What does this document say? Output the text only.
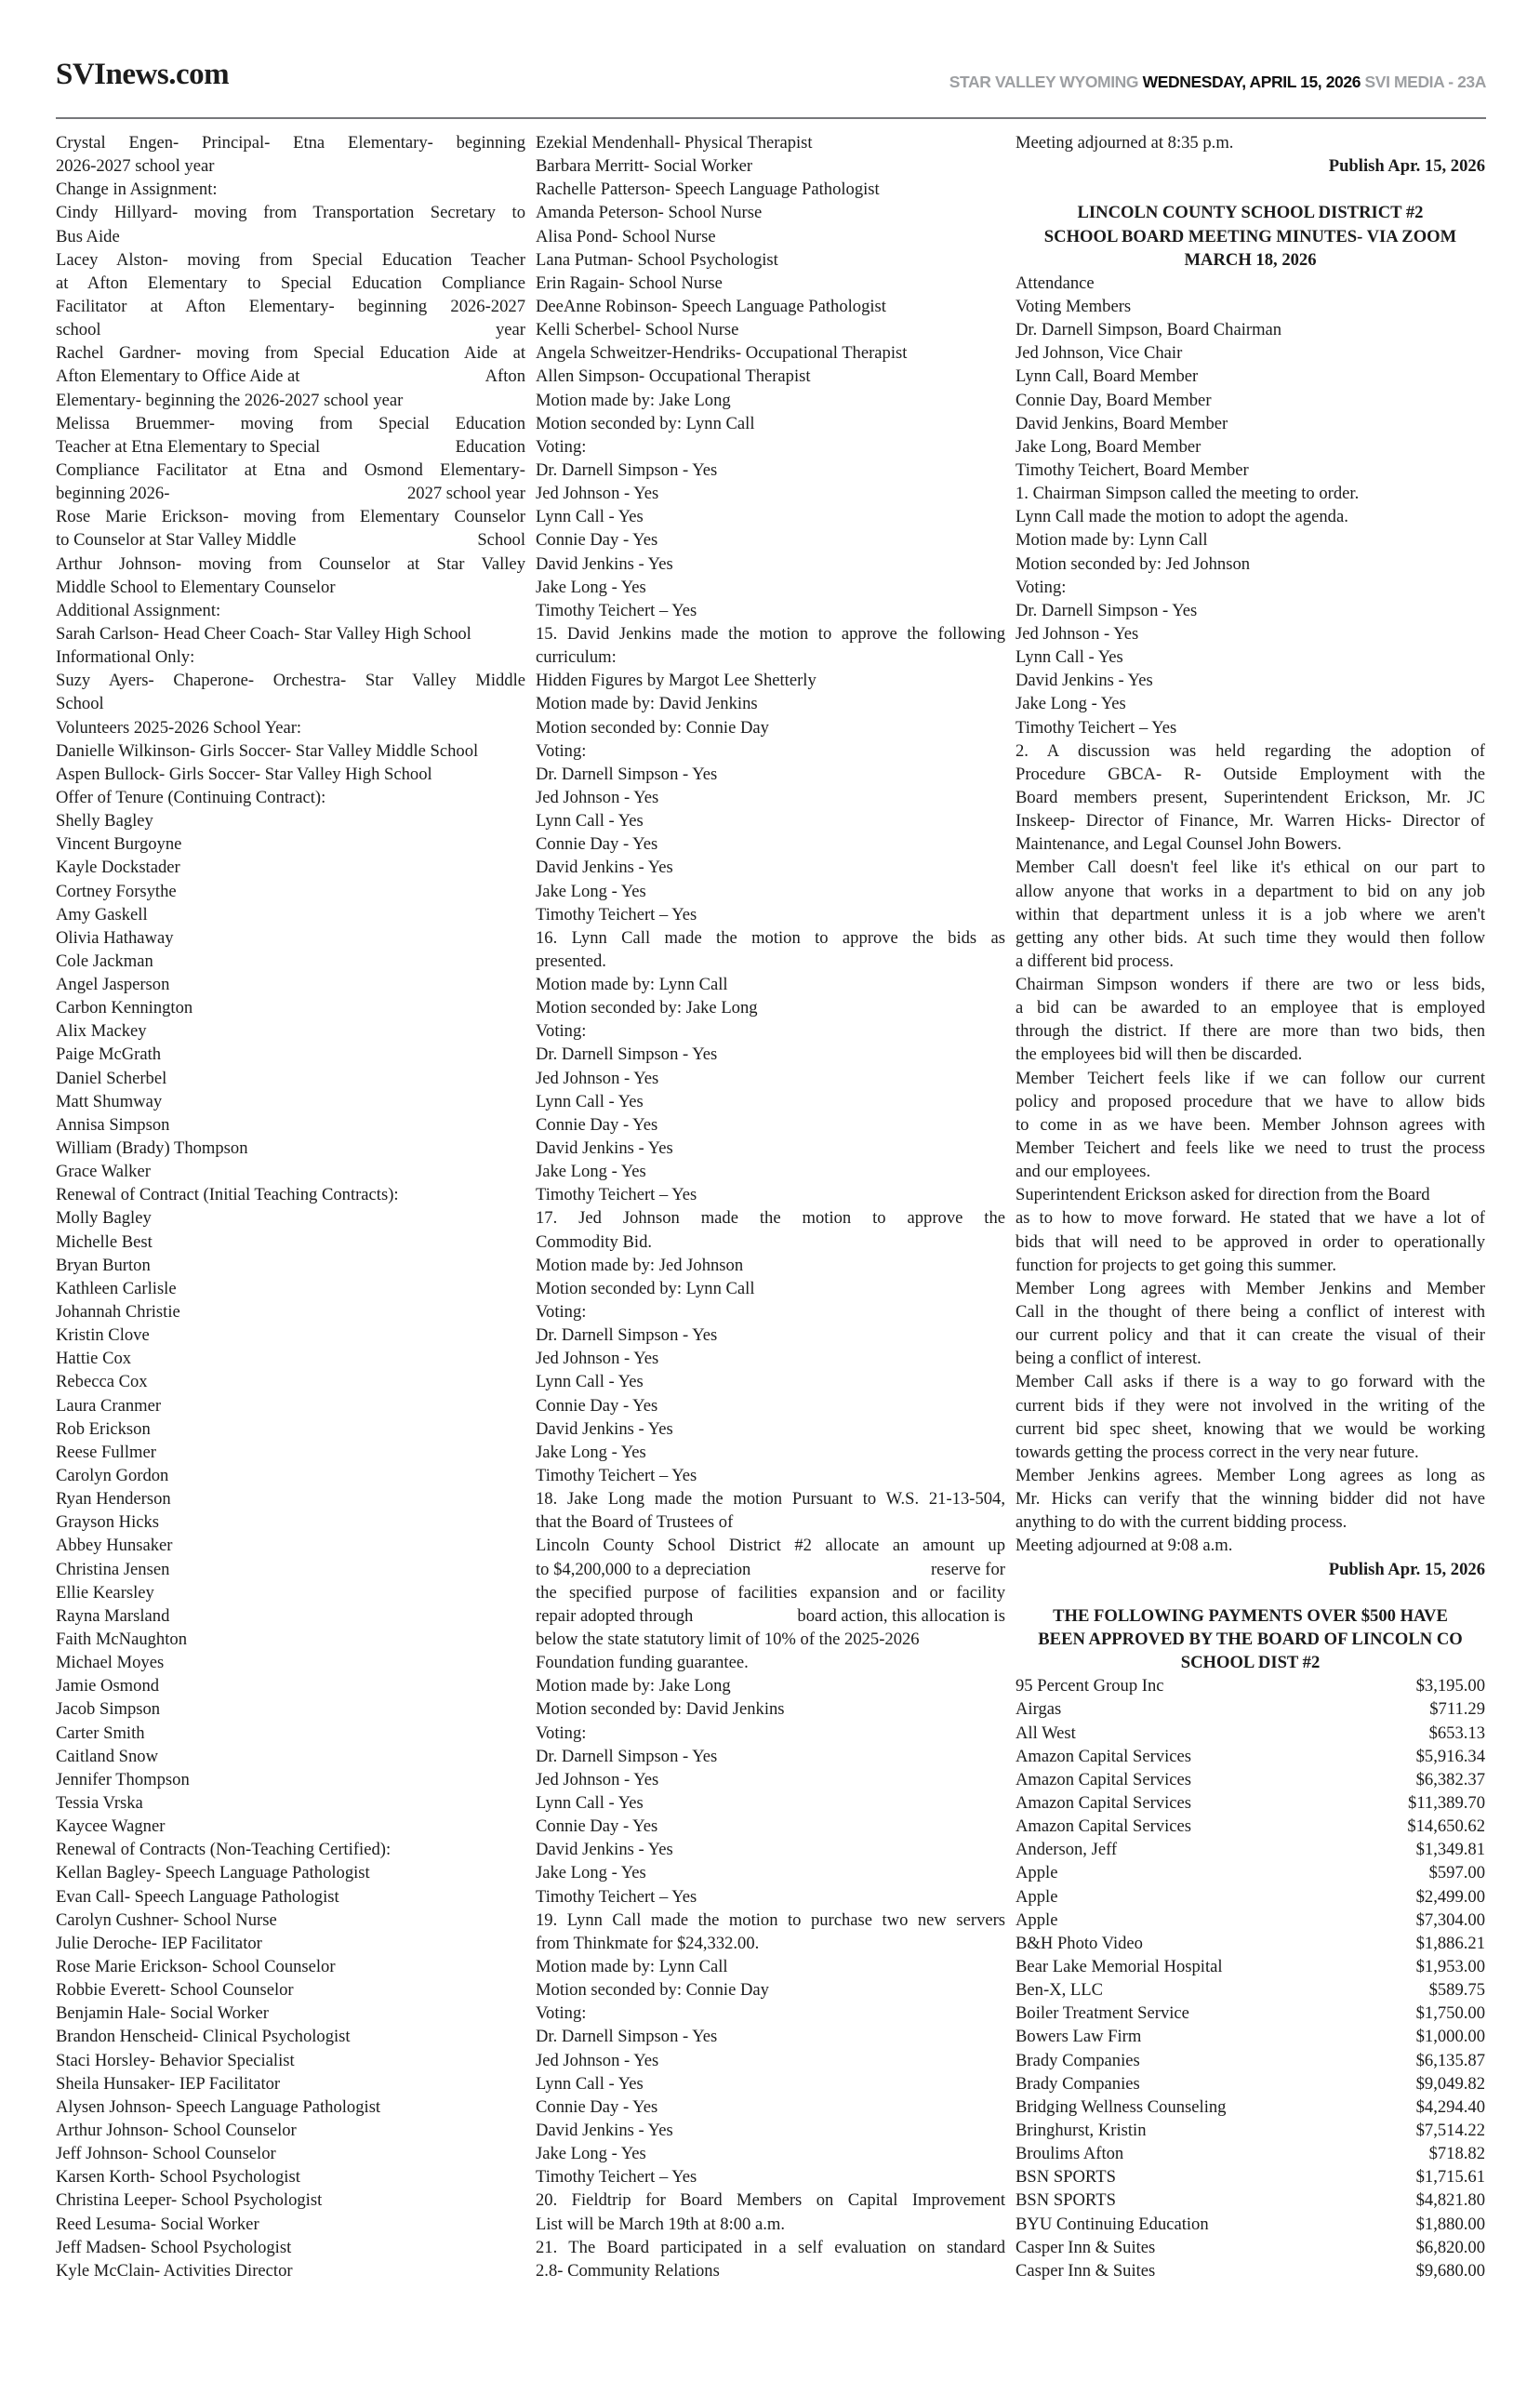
SVInews.com	STAR VALLEY WYOMING WEDNESDAY, APRIL 15, 2026 SVI MEDIA - 23A
Crystal Engen- Principal- Etna Elementary- beginning
2026-2027 school year
Change in Assignment:
Cindy Hillyard- moving from Transportation Secretary to
Bus Aide
Lacey Alston- moving from Special Education Teacher
at Afton Elementary to Special Education Compliance
Facilitator at Afton Elementary- beginning 2026-2027
school	year
Rachel Gardner- moving from Special Education Aide at
Afton Elementary to Office Aide at	Afton
Elementary- beginning the 2026-2027 school year
Melissa Bruemmer- moving from Special Education
Teacher at Etna Elementary to Special	Education
Compliance Facilitator at Etna and Osmond Elementary-
beginning 2026-	2027 school year
Rose Marie Erickson- moving from Elementary Counselor
to Counselor at Star Valley Middle	School
Arthur Johnson- moving from Counselor at Star Valley
Middle School to Elementary Counselor
Additional Assignment:
Sarah Carlson- Head Cheer Coach- Star Valley High School
Informational Only:
Suzy Ayers- Chaperone- Orchestra- Star Valley Middle
School
Volunteers 2025-2026 School Year:
Danielle Wilkinson- Girls Soccer- Star Valley Middle School
Aspen Bullock- Girls Soccer- Star Valley High School
Offer of Tenure (Continuing Contract):
Shelly Bagley
Vincent Burgoyne
Kayle Dockstader
Cortney Forsythe
Amy Gaskell
Olivia Hathaway
Cole Jackman
Angel Jasperson
Carbon Kennington
Alix Mackey
Paige McGrath
Daniel Scherbel
Matt Shumway
Annisa Simpson
William (Brady) Thompson
Grace Walker
Renewal of Contract (Initial Teaching Contracts):
Molly Bagley
Michelle Best
Bryan Burton
Kathleen Carlisle
Johannah Christie
Kristin Clove
Hattie Cox
Rebecca Cox
Laura Cranmer
Rob Erickson
Reese Fullmer
Carolyn Gordon
Ryan Henderson
Grayson Hicks
Abbey Hunsaker
Christina Jensen
Ellie Kearsley
Rayna Marsland
Faith McNaughton
Michael Moyes
Jamie Osmond
Jacob Simpson
Carter Smith
Caitland Snow
Jennifer Thompson
Tessia Vrska
Kaycee Wagner
Renewal of Contracts (Non-Teaching Certified):
Kellan Bagley- Speech Language Pathologist
Evan Call- Speech Language Pathologist
Carolyn Cushner- School Nurse
Julie Deroche- IEP Facilitator
Rose Marie Erickson- School Counselor
Robbie Everett- School Counselor
Benjamin Hale- Social Worker
Brandon Henscheid- Clinical Psychologist
Staci Horsley- Behavior Specialist
Sheila Hunsaker- IEP Facilitator
Alysen Johnson- Speech Language Pathologist
Arthur Johnson- School Counselor
Jeff Johnson- School Counselor
Karsen Korth- School Psychologist
Christina Leeper- School Psychologist
Reed Lesuma- Social Worker
Jeff Madsen- School Psychologist
Kyle McClain- Activities Director
Ezekial Mendenhall- Physical Therapist
Barbara Merritt- Social Worker
Rachelle Patterson- Speech Language Pathologist
Amanda Peterson- School Nurse
Alisa Pond- School Nurse
Lana Putman- School Psychologist
Erin Ragain- School Nurse
DeeAnne Robinson- Speech Language Pathologist
Kelli Scherbel- School Nurse
Angela Schweitzer-Hendriks- Occupational Therapist
Allen Simpson- Occupational Therapist
Motion made by: Jake Long
Motion seconded by: Lynn Call
Voting:
Dr. Darnell Simpson - Yes
Jed Johnson - Yes
Lynn Call - Yes
Connie Day - Yes
David Jenkins - Yes
Jake Long - Yes
Timothy Teichert – Yes
15. David Jenkins made the motion to approve the following
curriculum:
Hidden Figures by Margot Lee Shetterly
Motion made by: David Jenkins
Motion seconded by: Connie Day
Voting:
Dr. Darnell Simpson - Yes
Jed Johnson - Yes
Lynn Call - Yes
Connie Day - Yes
David Jenkins - Yes
Jake Long - Yes
Timothy Teichert – Yes
16. Lynn Call made the motion to approve the bids as
presented.
Motion made by: Lynn Call
Motion seconded by: Jake Long
Voting:
Dr. Darnell Simpson - Yes
Jed Johnson - Yes
Lynn Call - Yes
Connie Day - Yes
David Jenkins - Yes
Jake Long - Yes
Timothy Teichert – Yes
17. Jed Johnson made the motion to approve the
Commodity Bid.
Motion made by: Jed Johnson
Motion seconded by: Lynn Call
Voting:
Dr. Darnell Simpson - Yes
Jed Johnson - Yes
Lynn Call - Yes
Connie Day - Yes
David Jenkins - Yes
Jake Long - Yes
Timothy Teichert – Yes
18. Jake Long made the motion Pursuant to W.S. 21-13-504,
that the Board of Trustees of
Lincoln County School District #2 allocate an amount up
to $4,200,000 to a depreciation	reserve for
the specified purpose of facilities expansion and or facility
repair adopted through	board action, this allocation is
below the state statutory limit of 10% of the 2025-2026
Foundation funding guarantee.
Motion made by: Jake Long
Motion seconded by: David Jenkins
Voting:
Dr. Darnell Simpson - Yes
Jed Johnson - Yes
Lynn Call - Yes
Connie Day - Yes
David Jenkins - Yes
Jake Long - Yes
Timothy Teichert – Yes
19. Lynn Call made the motion to purchase two new servers
from Thinkmate for $24,332.00.
Motion made by: Lynn Call
Motion seconded by: Connie Day
Voting:
Dr. Darnell Simpson - Yes
Jed Johnson - Yes
Lynn Call - Yes
Connie Day - Yes
David Jenkins - Yes
Jake Long - Yes
Timothy Teichert – Yes
20. Fieldtrip for Board Members on Capital Improvement
List will be March 19th at 8:00 a.m.
21. The Board participated in a self evaluation on standard
2.8- Community Relations
Meeting adjourned at 8:35 p.m.
Publish Apr. 15, 2026
LINCOLN COUNTY SCHOOL DISTRICT #2
SCHOOL BOARD MEETING MINUTES- VIA ZOOM
MARCH 18, 2026
Attendance
Voting Members
Dr. Darnell Simpson, Board Chairman
Jed Johnson, Vice Chair
Lynn Call, Board Member
Connie Day, Board Member
David Jenkins, Board Member
Jake Long, Board Member
Timothy Teichert, Board Member
1. Chairman Simpson called the meeting to order.
Lynn Call made the motion to adopt the agenda.
Motion made by: Lynn Call
Motion seconded by: Jed Johnson
Voting:
Dr. Darnell Simpson - Yes
Jed Johnson - Yes
Lynn Call - Yes
David Jenkins - Yes
Jake Long - Yes
Timothy Teichert – Yes
2. A discussion was held regarding the adoption of
Procedure GBCA- R- Outside Employment with the
Board members present, Superintendent Erickson, Mr. JC
Inskeep- Director of Finance, Mr. Warren Hicks- Director of
Maintenance, and Legal Counsel John Bowers.
Member Call doesn't feel like it's ethical on our part to
allow anyone that works in a department to bid on any job
within that department unless it is a job where we aren't
getting any other bids. At such time they would then follow
a different bid process.
Chairman Simpson wonders if there are two or less bids,
a bid can be awarded to an employee that is employed
through the district. If there are more than two bids, then
the employees bid will then be discarded.
Member Teichert feels like if we can follow our current
policy and proposed procedure that we have to allow bids
to come in as we have been. Member Johnson agrees with
Member Teichert and feels like we need to trust the process
and our employees.
Superintendent Erickson asked for direction from the Board
as to how to move forward. He stated that we have a lot of
bids that will need to be approved in order to operationally
function for projects to get going this summer.
Member Long agrees with Member Jenkins and Member
Call in the thought of there being a conflict of interest with
our current policy and that it can create the visual of their
being a conflict of interest.
Member Call asks if there is a way to go forward with the
current bids if they were not involved in the writing of the
current bid spec sheet, knowing that we would be working
towards getting the process correct in the very near future.
Member Jenkins agrees. Member Long agrees as long as
Mr. Hicks can verify that the winning bidder did not have
anything to do with the current bidding process.
Meeting adjourned at 9:08 a.m.
Publish Apr. 15, 2026
THE FOLLOWING PAYMENTS OVER $500 HAVE
BEEN APPROVED BY THE BOARD OF LINCOLN CO
SCHOOL DIST #2
95 Percent Group Inc	$3,195.00
Airgas	$711.29
All West	$653.13
Amazon Capital Services	$5,916.34
Amazon Capital Services	$6,382.37
Amazon Capital Services	$11,389.70
Amazon Capital Services	$14,650.62
Anderson, Jeff	$1,349.81
Apple	$597.00
Apple	$2,499.00
Apple	$7,304.00
B&H Photo Video	$1,886.21
Bear Lake Memorial Hospital	$1,953.00
Ben-X, LLC	$589.75
Boiler Treatment Service	$1,750.00
Bowers Law Firm	$1,000.00
Brady Companies	$6,135.87
Brady Companies	$9,049.82
Bridging Wellness Counseling	$4,294.40
Bringhurst, Kristin	$7,514.22
Broulims Afton	$718.82
BSN SPORTS	$1,715.61
BSN SPORTS	$4,821.80
BYU Continuing Education	$1,880.00
Casper Inn & Suites	$6,820.00
Casper Inn & Suites	$9,680.00
